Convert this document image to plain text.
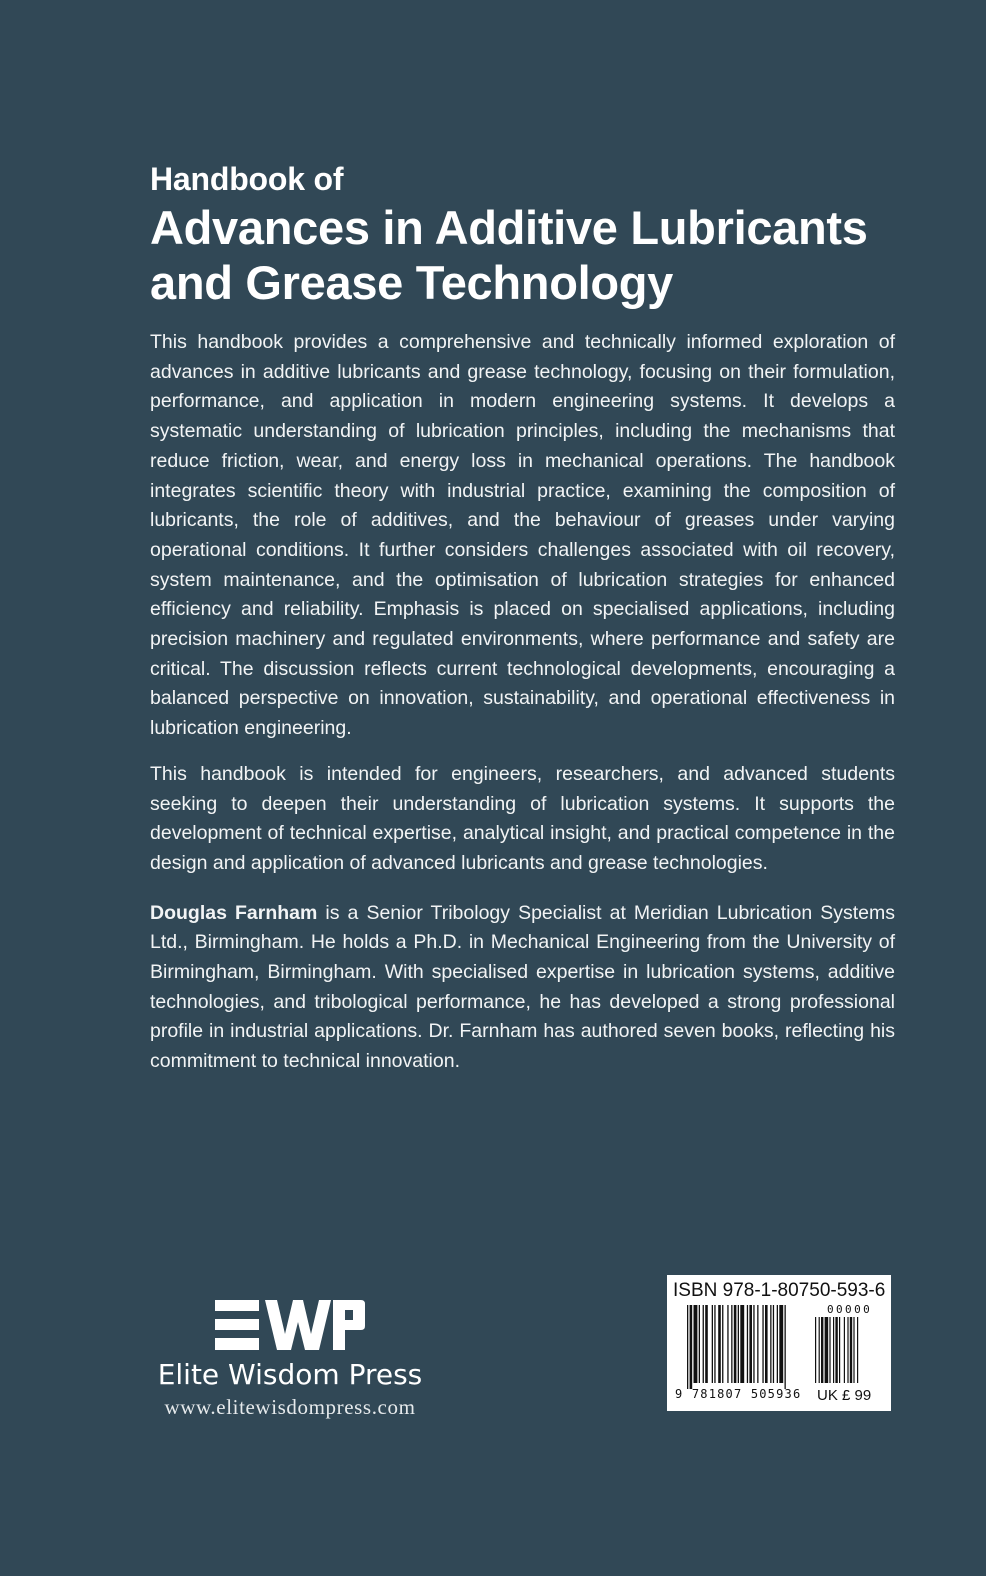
Handbook of
Advances in Additive Lubricants
and Grease Technology

This handbook provides a comprehensive and technically informed exploration of advances in additive lubricants and grease technology, focusing on their formulation, performance, and application in modern engineering systems. It develops a systematic understanding of lubrication principles, including the mechanisms that reduce friction, wear, and energy loss in mechanical operations. The handbook integrates scientific theory with industrial practice, examining the composition of lubricants, the role of additives, and the behaviour of greases under varying operational conditions. It further considers challenges associated with oil recovery, system maintenance, and the optimisation of lubrication strategies for enhanced efficiency and reliability. Emphasis is placed on specialised applications, including precision machinery and regulated environments, where performance and safety are critical. The discussion reflects current technological developments, encouraging a balanced perspective on innovation, sustainability, and operational effectiveness in lubrication engineering.

This handbook is intended for engineers, researchers, and advanced students seeking to deepen their understanding of lubrication systems. It supports the development of technical expertise, analytical insight, and practical competence in the design and application of advanced lubricants and grease technologies.

Douglas Farnham is a Senior Tribology Specialist at Meridian Lubrication Systems Ltd., Birmingham. He holds a Ph.D. in Mechanical Engineering from the University of Birmingham, Birmingham. With specialised expertise in lubrication systems, additive technologies, and tribological performance, he has developed a strong professional profile in industrial applications. Dr. Farnham has authored seven books, reflecting his commitment to technical innovation.

Elite Wisdom Press
www.elitewisdompress.com
ISBN 978-1-80750-593-6
00000
9 781807 505936 UK £ 99
